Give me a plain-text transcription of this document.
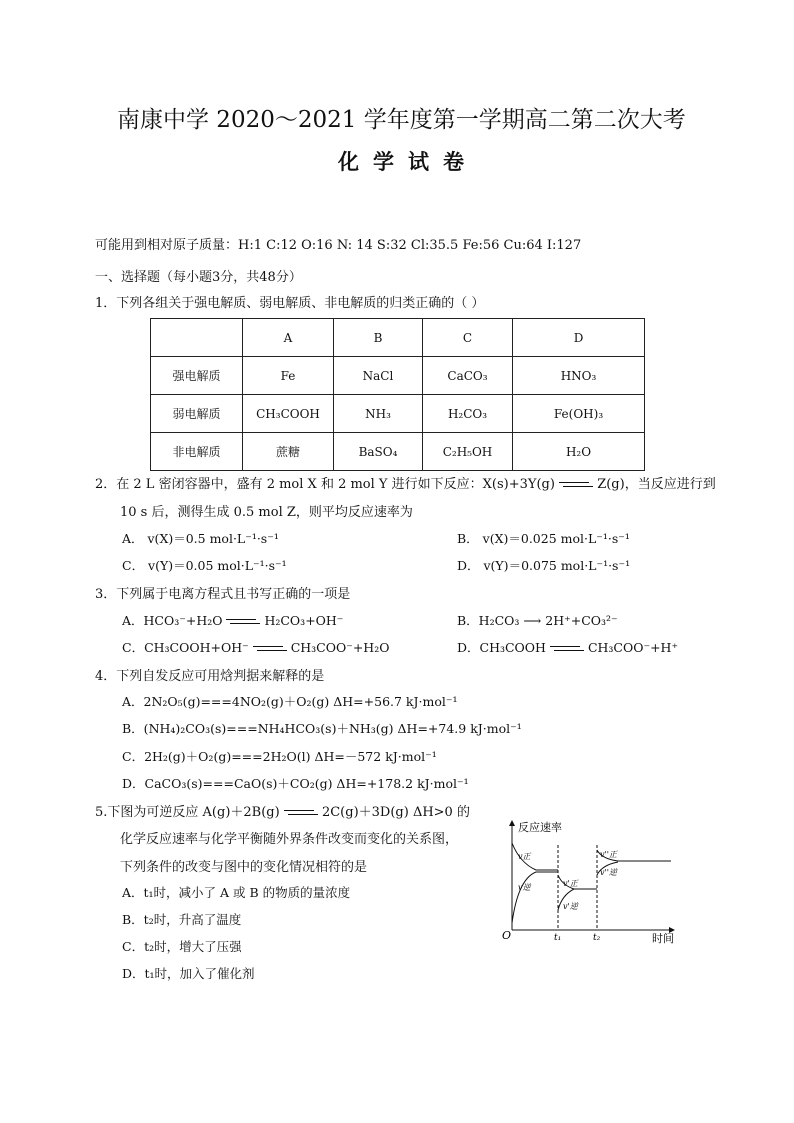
南康中学 2020～2021 学年度第一学期高二第二次大考
化学试卷
可能用到相对原子质量：H:1 C:12 O:16 N: 14 S:32 Cl:35.5 Fe:56 Cu:64 I:127
一、选择题（每小题3分，共48分）
1．下列各组关于强电解质、弱电解质、非电解质的归类正确的（ ）
	A	B	C	D
强电解质	Fe	NaCl	CaCO₃	HNO₃
弱电解质	CH₃COOH	NH₃	H₂CO₃	Fe(OH)₃
非电解质	蔗糖	BaSO₄	C₂H₅OH	H₂O
2．在 2 L 密闭容器中，盛有 2 mol X 和 2 mol Y 进行如下反应：X(s)+3Y(g)	Z(g)，当反应进行到
10 s 后，测得生成 0.5 mol Z，则平均反应速率为
A． v(X)＝0.5 mol·L⁻¹·s⁻¹	B． v(X)＝0.025 mol·L⁻¹·s⁻¹
C． v(Y)＝0.05 mol·L⁻¹·s⁻¹	D． v(Y)＝0.075 mol·L⁻¹·s⁻¹
3．下列属于电离方程式且书写正确的一项是
A．HCO₃⁻+H₂O	H₂CO₃+OH⁻	B．H₂CO₃ ⟶ 2H⁺+CO₃²⁻
C．CH₃COOH+OH⁻	CH₃COO⁻+H₂O	D．CH₃COOH	CH₃COO⁻+H⁺
4．下列自发反应可用焓判据来解释的是
A．2N₂O₅(g)===4NO₂(g)＋O₂(g) ΔH=+56.7 kJ·mol⁻¹
B．(NH₄)₂CO₃(s)===NH₄HCO₃(s)＋NH₃(g) ΔH=+74.9 kJ·mol⁻¹
C．2H₂(g)＋O₂(g)===2H₂O(l) ΔH=－572 kJ·mol⁻¹
D．CaCO₃(s)===CaO(s)＋CO₂(g) ΔH=+178.2 kJ·mol⁻¹
5.下图为可逆反应 A(g)＋2B(g)	2C(g)＋3D(g) ΔH>0 的
化学反应速率与化学平衡随外界条件改变而变化的关系图，
下列条件的改变与图中的变化情况相符的是
A．t₁时，减小了 A 或 B 的物质的量浓度
B．t₂时，升高了温度
C．t₂时，增大了压强
D．t₁时，加入了催化剂
反应速率
时间
O	t₁	t₂
v正
v逆	v'正
v'逆
v''正
v''逆
